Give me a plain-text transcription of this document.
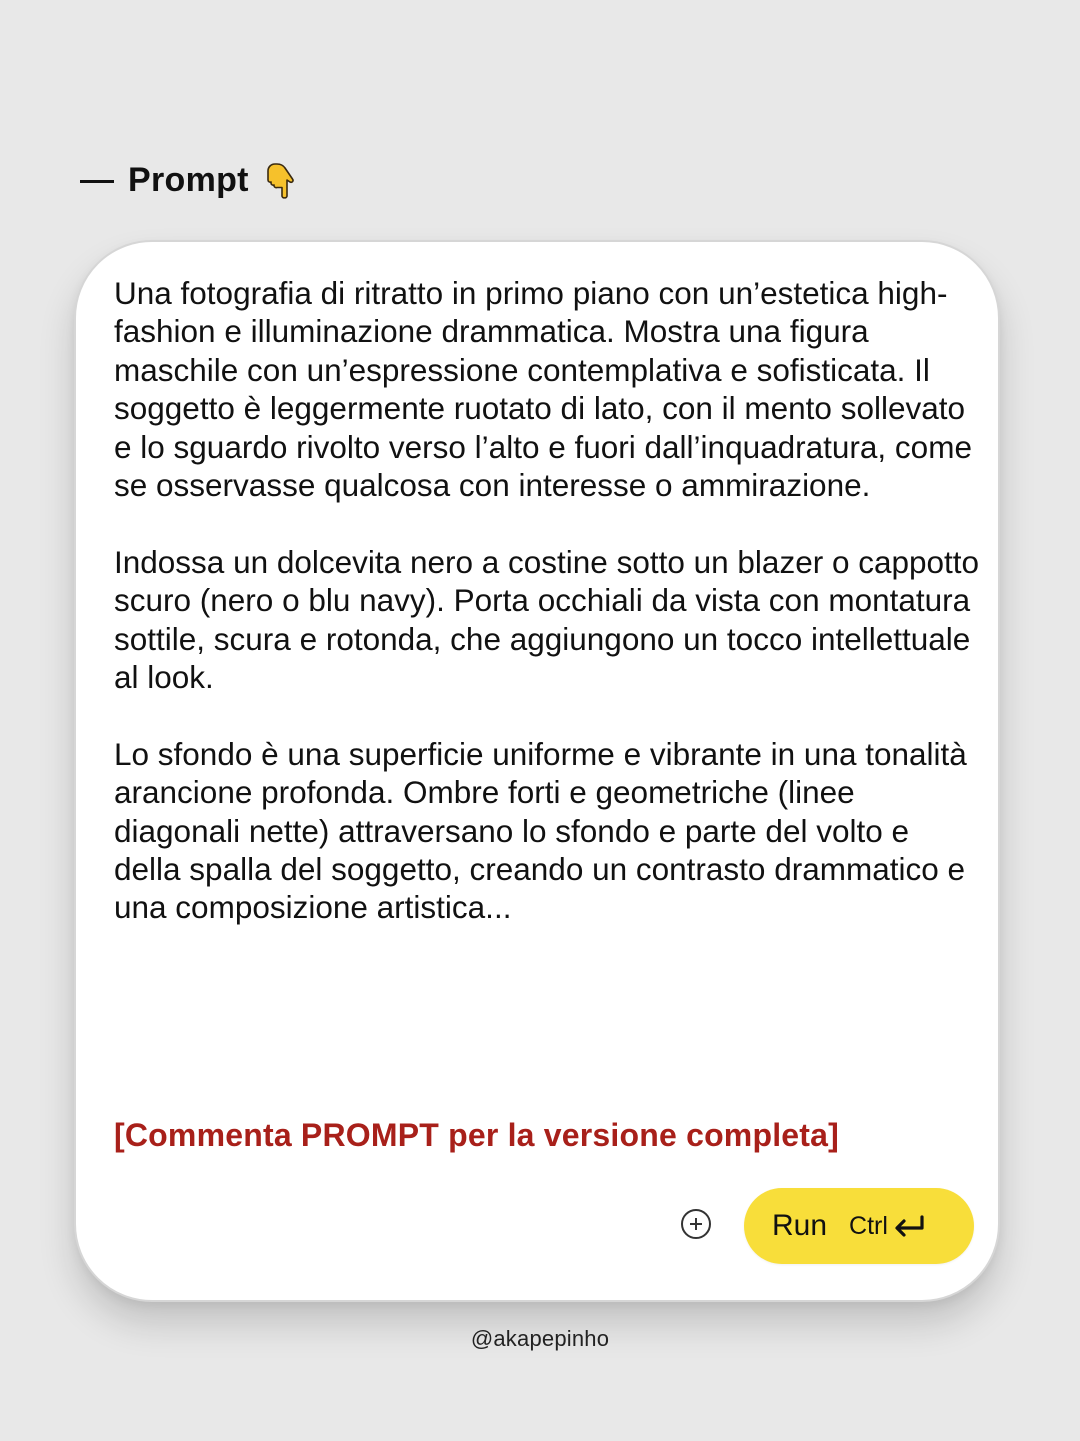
Prompt

Una fotografia di ritratto in primo piano con un’estetica high-fashion e illuminazione drammatica. Mostra una figura maschile con un’espressione contemplativa e sofisticata. Il soggetto è leggermente ruotato di lato, con il mento sollevato e lo sguardo rivolto verso l’alto e fuori dall’inquadratura, come se osservasse qualcosa con interesse o ammirazione.

Indossa un dolcevita nero a costine sotto un blazer o cappotto scuro (nero o blu navy). Porta occhiali da vista con montatura sottile, scura e rotonda, che aggiungono un tocco intellettuale al look.

Lo sfondo è una superficie uniforme e vibrante in una tonalità arancione profonda. Ombre forti e geometriche (linee diagonali nette) attraversano lo sfondo e parte del volto e della spalla del soggetto, creando un contrasto drammatico e una composizione artistica...

[Commenta PROMPT per la versione completa]
Run Ctrl
@akapepinho
